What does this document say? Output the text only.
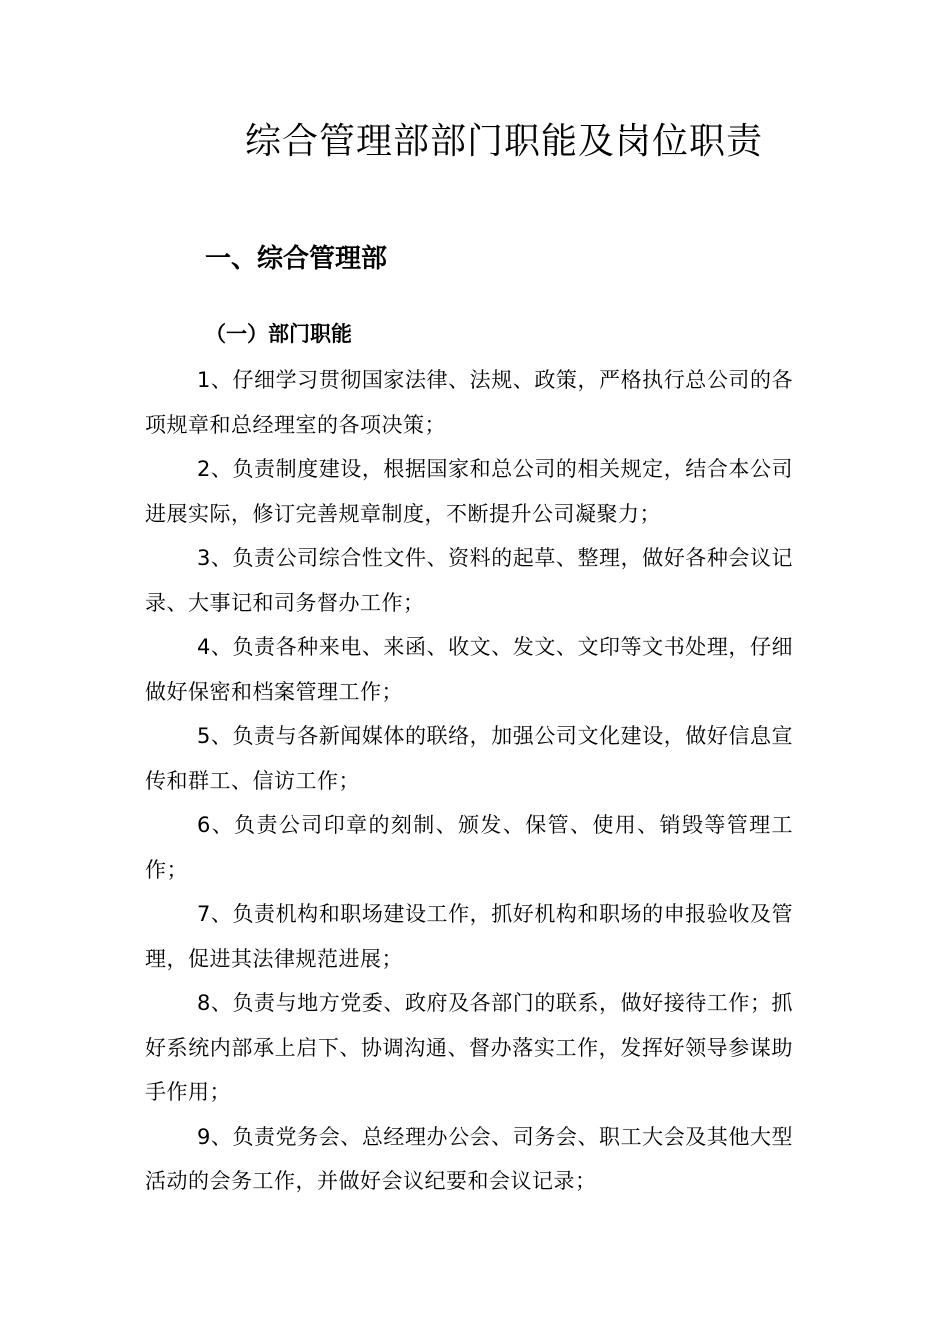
综合管理部部门职能及岗位职责
一、综合管理部
（一）部门职能

1、仔细学习贯彻国家法律、法规、政策，严格执行总公司的各项规章和总经理室的各项决策；

2、负责制度建设，根据国家和总公司的相关规定，结合本公司进展实际，修订完善规章制度，不断提升公司凝聚力；

3、负责公司综合性文件、资料的起草、整理，做好各种会议记录、大事记和司务督办工作；

4、负责各种来电、来函、收文、发文、文印等文书处理，仔细做好保密和档案管理工作；

5、负责与各新闻媒体的联络，加强公司文化建设，做好信息宣传和群工、信访工作；

6、负责公司印章的刻制、颁发、保管、使用、销毁等管理工作；

7、负责机构和职场建设工作，抓好机构和职场的申报验收及管理，促进其法律规范进展；

8、负责与地方党委、政府及各部门的联系，做好接待工作；抓好系统内部承上启下、协调沟通、督办落实工作，发挥好领导参谋助手作用；

9、负责党务会、总经理办公会、司务会、职工大会及其他大型活动的会务工作，并做好会议纪要和会议记录；
